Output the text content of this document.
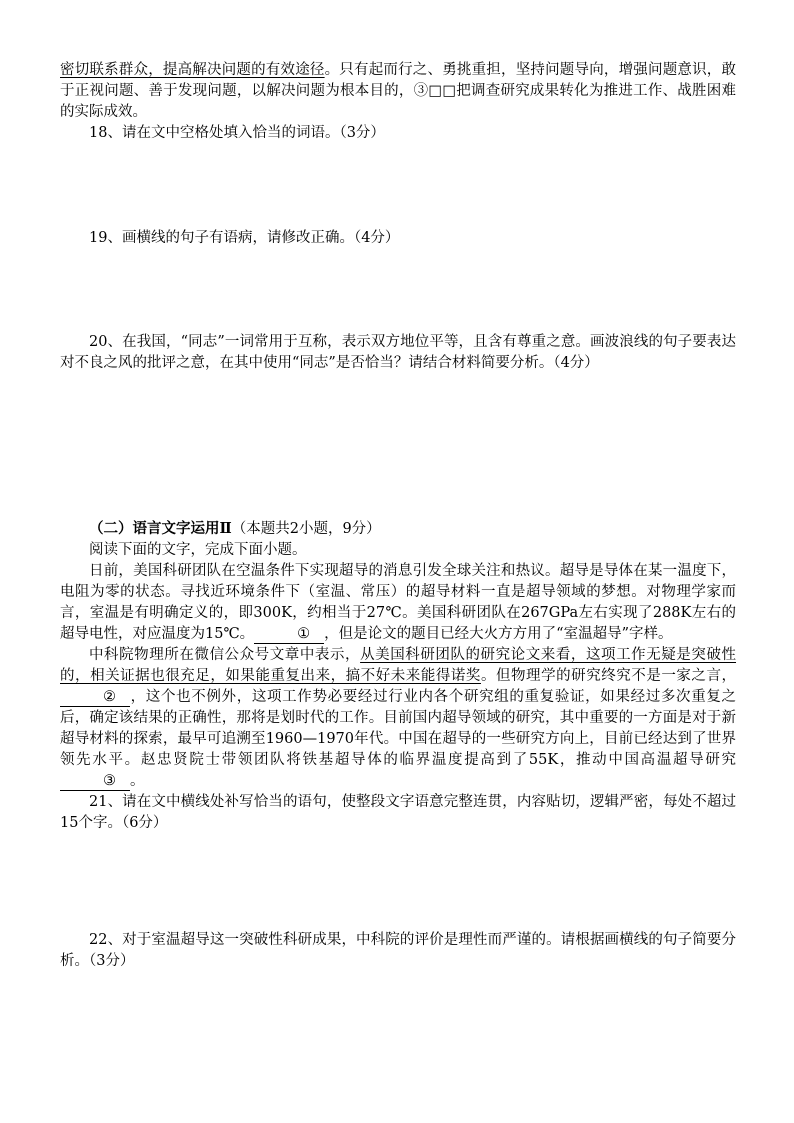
密切联系群众，提高解决问题的有效途径。只有起而行之、勇挑重担，坚持问题导向，增强问题意识，敢于正视问题、善于发现问题，以解决问题为根本目的，③□□把调查研究成果转化为推进工作、战胜困难的实际成效。

18、请在文中空格处填入恰当的词语。（3分）

19、画横线的句子有语病，请修改正确。（4分）

20、在我国，“同志”一词常用于互称，表示双方地位平等，且含有尊重之意。画波浪线的句子要表达对不良之风的批评之意，在其中使用“同志”是否恰当？请结合材料简要分析。（4分）

（二）语言文字运用Ⅱ（本题共2小题，9分）

阅读下面的文字，完成下面小题。

日前，美国科研团队在空温条件下实现超导的消息引发全球关注和热议。超导是导体在某一温度下，电阻为零的状态。寻找近环境条件下（室温、常压）的超导材料一直是超导领域的梦想。对物理学家而言，室温是有明确定义的，即300K，约相当于27℃。美国科研团队在267GPa左右实现了288K左右的超导电性，对应温度为15℃。	① ，但是论文的题目已经大火方方用了“室温超导”字样。

中科院物理所在微信公众号文章中表示，从美国科研团队的研究论文来看，这项工作无疑是突破性的，相关证据也很充足，如果能重复出来，搞不好未来能得诺奖。但物理学的研究终究不是一家之言，② ，这个也不例外，这项工作势必要经过行业内各个研究组的重复验证，如果经过多次重复之后，确定该结果的正确性，那将是划时代的工作。目前国内超导领域的研究，其中重要的一方面是对于新超导材料的探索，最早可追溯至1960—1970年代。中国在超导的一些研究方向上，目前已经达到了世界领先水平。赵忠贤院士带领团队将铁基超导体的临界温度提高到了55K，推动中国高温超导研究③ 。

21、请在文中横线处补写恰当的语句，使整段文字语意完整连贯，内容贴切，逻辑严密，每处不超过15个字。（6分）

22、对于室温超导这一突破性科研成果，中科院的评价是理性而严谨的。请根据画横线的句子简要分析。（3分）
